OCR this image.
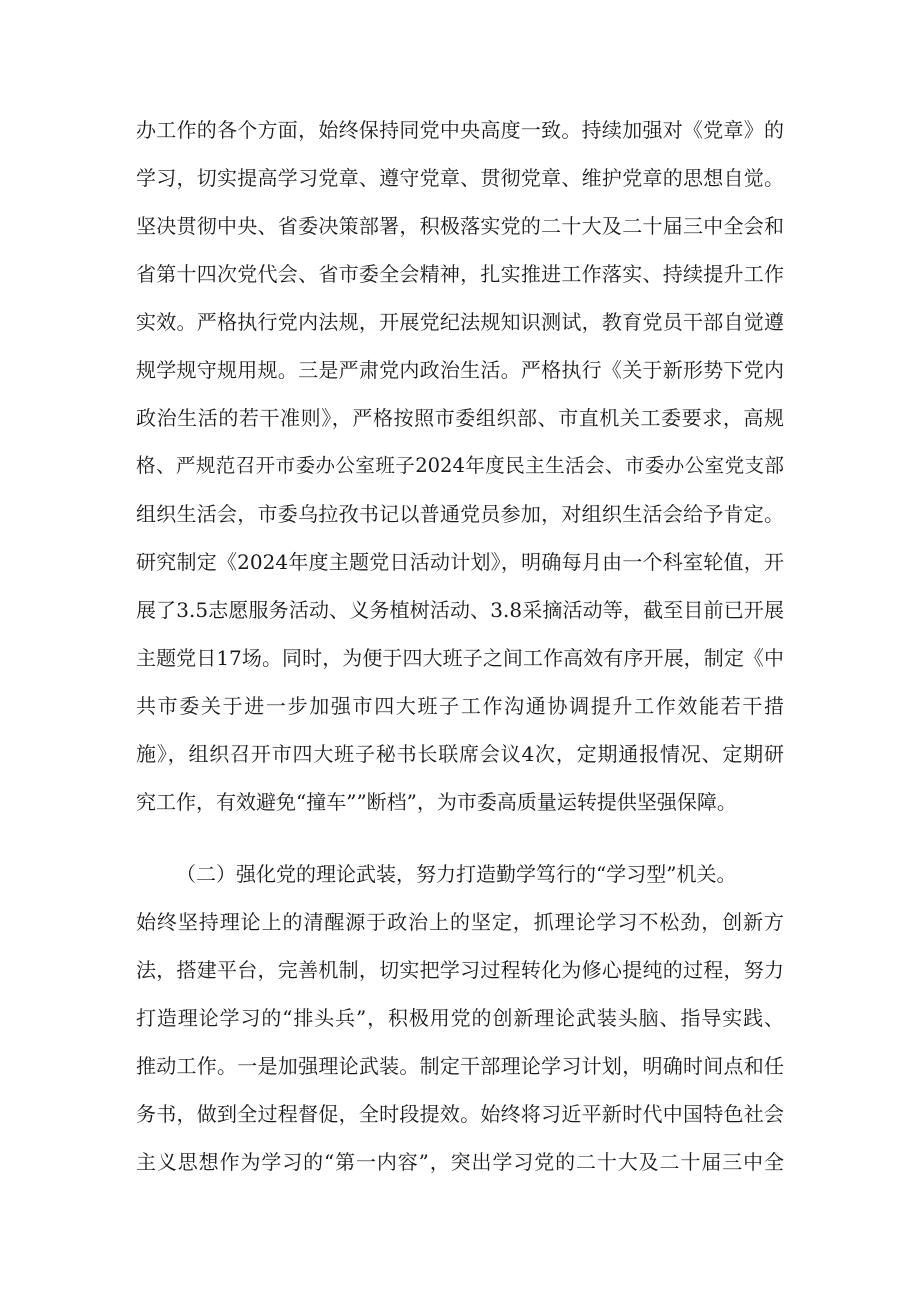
办工作的各个方面，始终保持同党中央高度一致。持续加强对《党章》的
学习，切实提高学习党章、遵守党章、贯彻党章、维护党章的思想自觉。
坚决贯彻中央、省委决策部署，积极落实党的二十大及二十届三中全会和
省第十四次党代会、省市委全会精神，扎实推进工作落实、持续提升工作
实效。严格执行党内法规，开展党纪法规知识测试，教育党员干部自觉遵
规学规守规用规。三是严肃党内政治生活。严格执行《关于新形势下党内
政治生活的若干准则》，严格按照市委组织部、市直机关工委要求，高规
格、严规范召开市委办公室班子2024年度民主生活会、市委办公室党支部
组织生活会，市委乌拉孜书记以普通党员参加，对组织生活会给予肯定。
研究制定《2024年度主题党日活动计划》，明确每月由一个科室轮值，开
展了3.5志愿服务活动、义务植树活动、3.8采摘活动等，截至目前已开展
主题党日17场。同时，为便于四大班子之间工作高效有序开展，制定《中
共市委关于进一步加强市四大班子工作沟通协调提升工作效能若干措
施》，组织召开市四大班子秘书长联席会议4次，定期通报情况、定期研
究工作，有效避免“撞车””断档”，为市委高质量运转提供坚强保障。
（二）强化党的理论武装，努力打造勤学笃行的“学习型”机关。
始终坚持理论上的清醒源于政治上的坚定，抓理论学习不松劲，创新方
法，搭建平台，完善机制，切实把学习过程转化为修心提纯的过程，努力
打造理论学习的“排头兵”，积极用党的创新理论武装头脑、指导实践、
推动工作。一是加强理论武装。制定干部理论学习计划，明确时间点和任
务书，做到全过程督促，全时段提效。始终将习近平新时代中国特色社会
主义思想作为学习的“第一内容”，突出学习党的二十大及二十届三中全
